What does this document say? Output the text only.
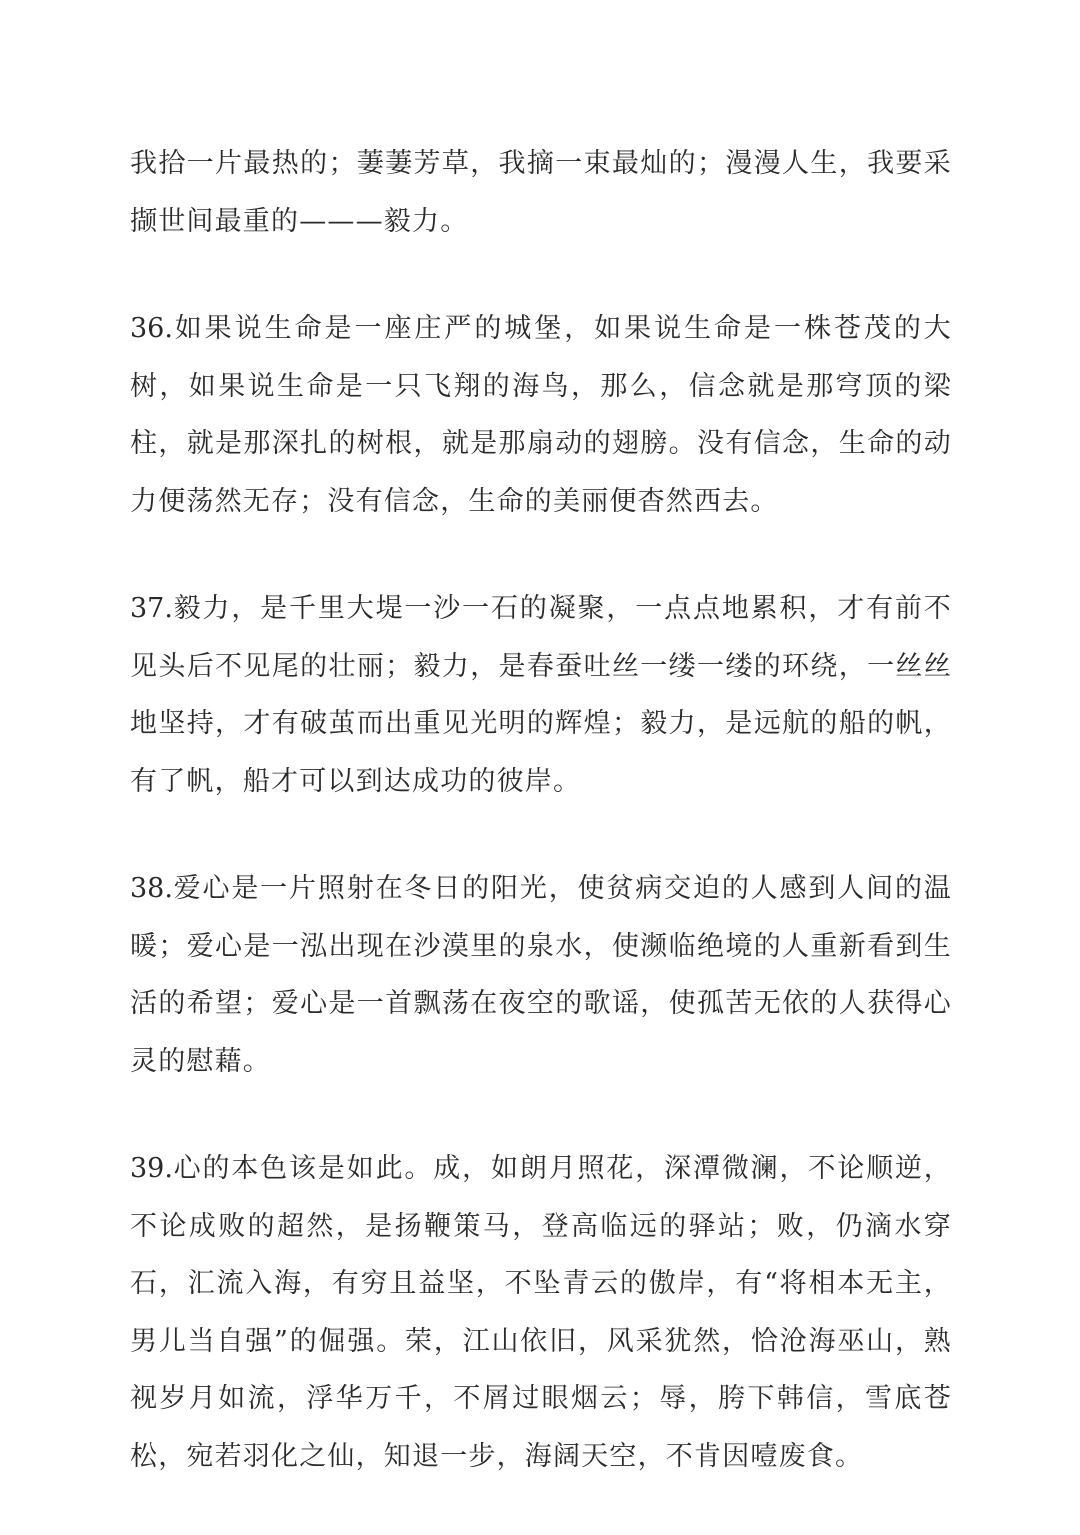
我拾一片最热的；萋萋芳草，我摘一束最灿的；漫漫人生，我要采撷世间最重的———毅力。

36.如果说生命是一座庄严的城堡，如果说生命是一株苍茂的大树，如果说生命是一只飞翔的海鸟，那么，信念就是那穹顶的梁柱，就是那深扎的树根，就是那扇动的翅膀。没有信念，生命的动力便荡然无存；没有信念，生命的美丽便杳然西去。

37.毅力，是千里大堤一沙一石的凝聚，一点点地累积，才有前不见头后不见尾的壮丽；毅力，是春蚕吐丝一缕一缕的环绕，一丝丝地坚持，才有破茧而出重见光明的辉煌；毅力，是远航的船的帆，有了帆，船才可以到达成功的彼岸。

38.爱心是一片照射在冬日的阳光，使贫病交迫的人感到人间的温暖；爱心是一泓出现在沙漠里的泉水，使濒临绝境的人重新看到生活的希望；爱心是一首飘荡在夜空的歌谣，使孤苦无依的人获得心灵的慰藉。

39.心的本色该是如此。成，如朗月照花，深潭微澜，不论顺逆，不论成败的超然，是扬鞭策马，登高临远的驿站；败，仍滴水穿石，汇流入海，有穷且益坚，不坠青云的傲岸，有“将相本无主，男儿当自强”的倔强。荣，江山依旧，风采犹然，恰沧海巫山，熟视岁月如流，浮华万千，不屑过眼烟云；辱，胯下韩信，雪底苍松，宛若羽化之仙，知退一步，海阔天空，不肯因噎废食。
